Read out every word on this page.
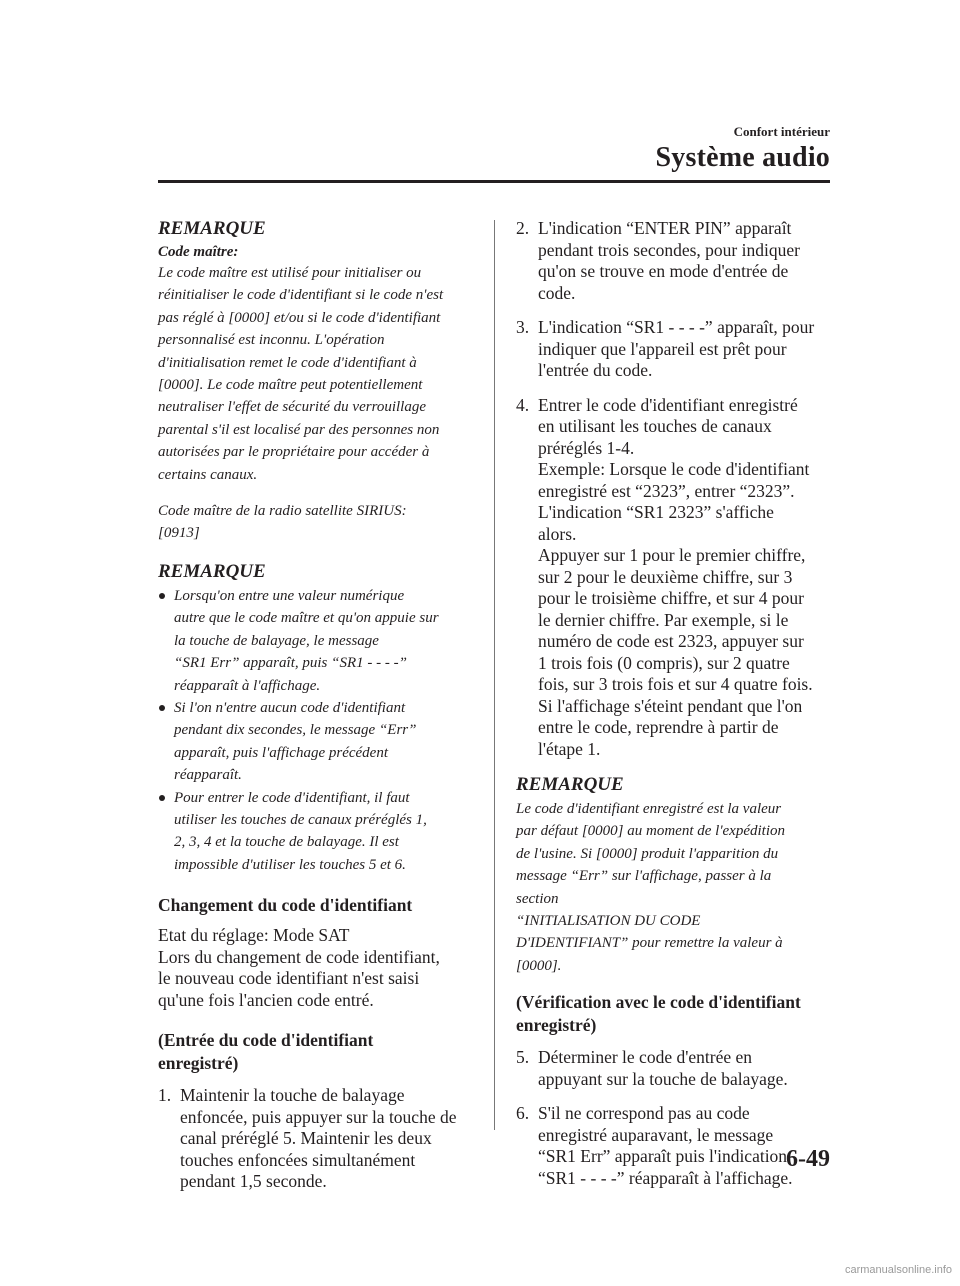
Confort intérieur
Système audio
REMARQUE
Code maître:
Le code maître est utilisé pour initialiser ou
réinitialiser le code d'identifiant si le code n'est
pas réglé à [0000] et/ou si le code d'identifiant
personnalisé est inconnu. L'opération
d'initialisation remet le code d'identifiant à
[0000]. Le code maître peut potentiellement
neutraliser l'effet de sécurité du verrouillage
parental s'il est localisé par des personnes non
autorisées par le propriétaire pour accéder à
certains canaux.
Code maître de la radio satellite SIRIUS:
[0913]
REMARQUE
Lorsqu'on entre une valeur numérique
autre que le code maître et qu'on appuie sur
la touche de balayage, le message
“SR1 Err” apparaît, puis “SR1 - - - -”
réapparaît à l'affichage.
Si l'on n'entre aucun code d'identifiant
pendant dix secondes, le message “Err”
apparaît, puis l'affichage précédent
réapparaît.
Pour entrer le code d'identifiant, il faut
utiliser les touches de canaux préréglés 1,
2, 3, 4 et la touche de balayage. Il est
impossible d'utiliser les touches 5 et 6.
Changement du code d'identifiant
Etat du réglage: Mode SAT
Lors du changement de code identifiant,
le nouveau code identifiant n'est saisi
qu'une fois l'ancien code entré.
(Entrée du code d'identifiant
enregistré)
1. Maintenir la touche de balayage
enfoncée, puis appuyer sur la touche de
canal préréglé 5. Maintenir les deux
touches enfoncées simultanément
pendant 1,5 seconde.
2. L'indication “ENTER PIN” apparaît
pendant trois secondes, pour indiquer
qu'on se trouve en mode d'entrée de
code.
3. L'indication “SR1 - - - -” apparaît, pour
indiquer que l'appareil est prêt pour
l'entrée du code.
4. Entrer le code d'identifiant enregistré
en utilisant les touches de canaux
préréglés 1-4.
Exemple: Lorsque le code d'identifiant
enregistré est “2323”, entrer “2323”.
L'indication “SR1 2323” s'affiche
alors.
Appuyer sur 1 pour le premier chiffre,
sur 2 pour le deuxième chiffre, sur 3
pour le troisième chiffre, et sur 4 pour
le dernier chiffre. Par exemple, si le
numéro de code est 2323, appuyer sur
1 trois fois (0 compris), sur 2 quatre
fois, sur 3 trois fois et sur 4 quatre fois.
Si l'affichage s'éteint pendant que l'on
entre le code, reprendre à partir de
l'étape 1.
REMARQUE
Le code d'identifiant enregistré est la valeur
par défaut [0000] au moment de l'expédition
de l'usine. Si [0000] produit l'apparition du
message “Err” sur l'affichage, passer à la
section
“INITIALISATION DU CODE
D'IDENTIFIANT” pour remettre la valeur à
[0000].
(Vérification avec le code d'identifiant
enregistré)
5. Déterminer le code d'entrée en
appuyant sur la touche de balayage.
6. S'il ne correspond pas au code
enregistré auparavant, le message
“SR1 Err” apparaît puis l'indication
“SR1 - - - -” réapparaît à l'affichage.
6-49
carmanualsonline.info
